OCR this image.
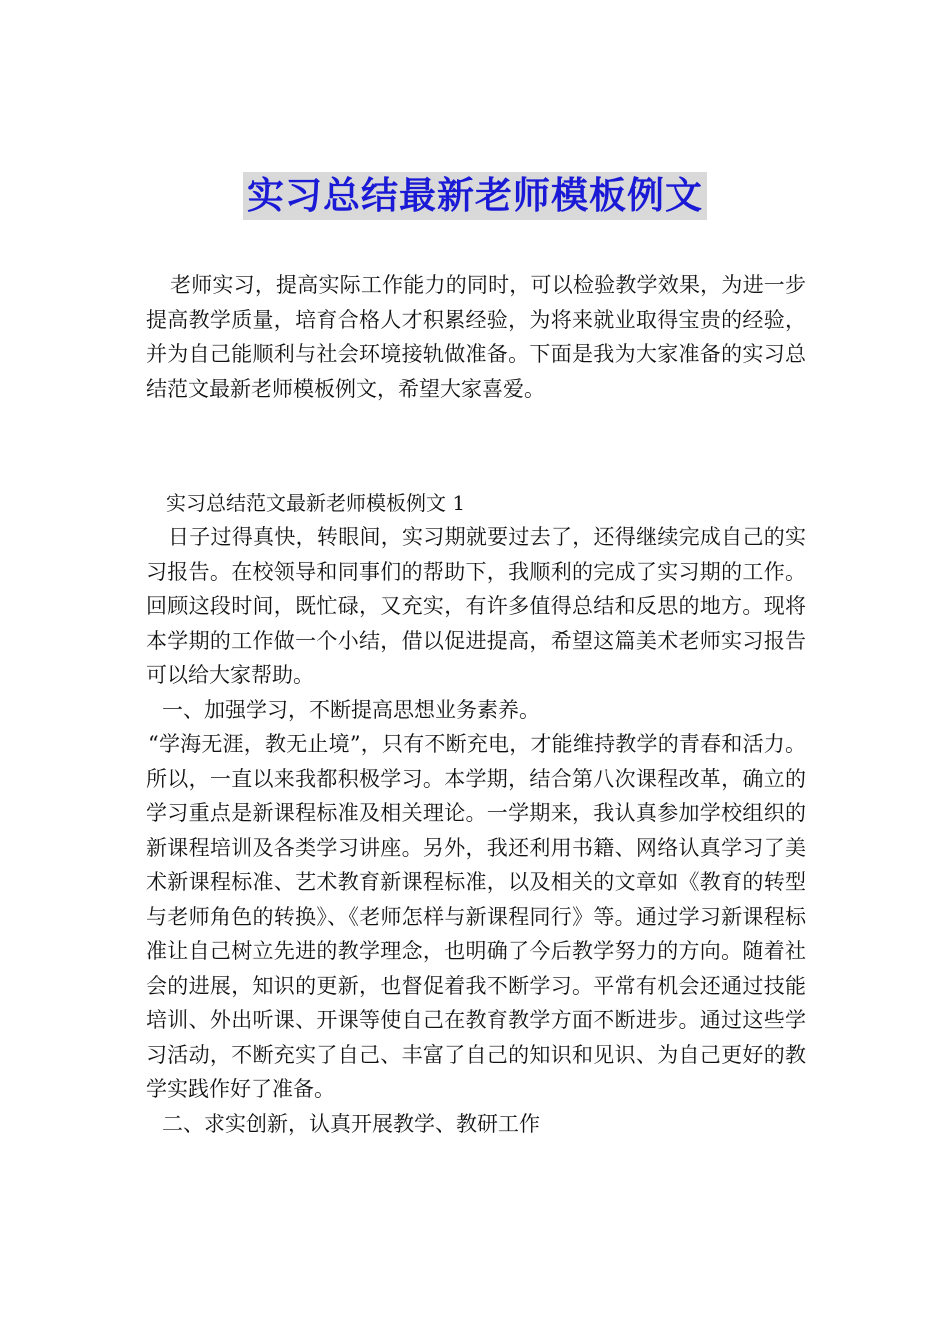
实习总结最新老师模板例文

老师实习，提高实际工作能力的同时，可以检验教学效果，为进一步提高教学质量，培育合格人才积累经验，为将来就业取得宝贵的经验，并为自己能顺利与社会环境接轨做准备。下面是我为大家准备的实习总结范文最新老师模板例文，希望大家喜爱。

实习总结范文最新老师模板例文 1

日子过得真快，转眼间，实习期就要过去了，还得继续完成自己的实习报告。在校领导和同事们的帮助下，我顺利的完成了实习期的工作。回顾这段时间，既忙碌，又充实，有许多值得总结和反思的地方。现将本学期的工作做一个小结，借以促进提高，希望这篇美术老师实习报告可以给大家帮助。

一、加强学习，不断提高思想业务素养。

“学海无涯，教无止境”，只有不断充电，才能维持教学的青春和活力。所以，一直以来我都积极学习。本学期，结合第八次课程改革，确立的学习重点是新课程标准及相关理论。一学期来，我认真参加学校组织的新课程培训及各类学习讲座。另外，我还利用书籍、网络认真学习了美术新课程标准、艺术教育新课程标准，以及相关的文章如《教育的转型与老师角色的转换》、《老师怎样与新课程同行》等。通过学习新课程标准让自己树立先进的教学理念，也明确了今后教学努力的方向。随着社会的进展，知识的更新，也督促着我不断学习。平常有机会还通过技能培训、外出听课、开课等使自己在教育教学方面不断进步。通过这些学习活动，不断充实了自己、丰富了自己的知识和见识、为自己更好的教学实践作好了准备。

二、求实创新，认真开展教学、教研工作
